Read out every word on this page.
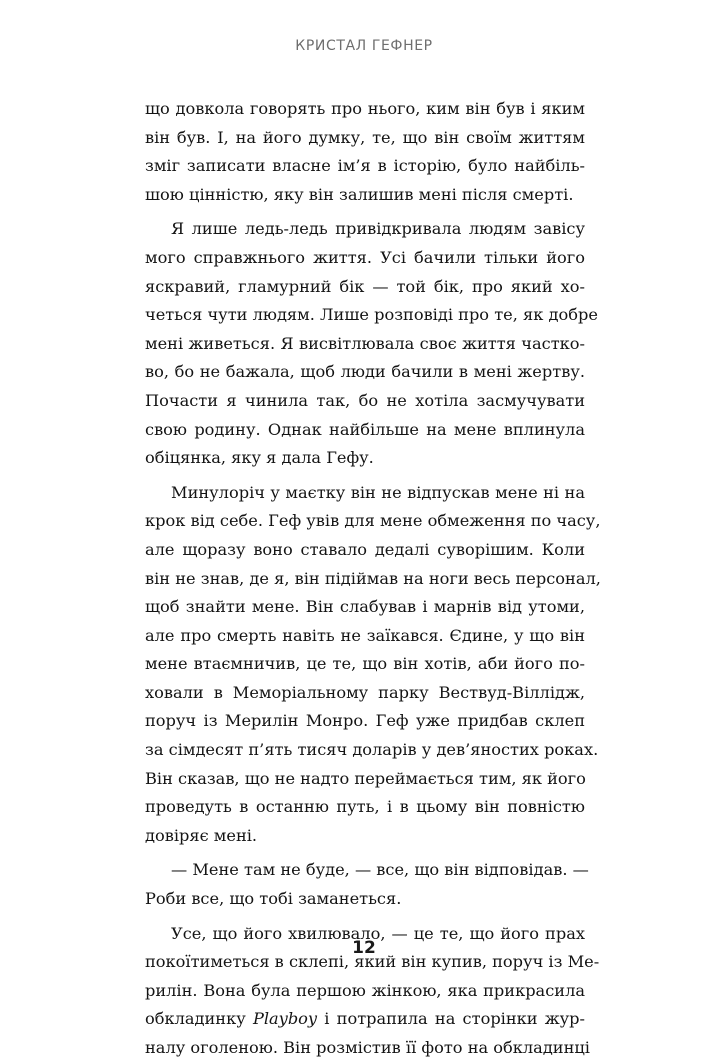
КРИСТАЛ ГЕФНЕР
що довкола говорять про нього, ким він був і яким
він був. І, на його думку, те, що він своїм життям
зміг записати власне ім’я в історію, було найбіль-
шою цінністю, яку він залишив мені після смерті.
Я лише ледь-ледь привідкривала людям завісу
мого справжнього життя. Усі бачили тільки його
яскравий, гламурний бік — той бік, про який хо-
четься чути людям. Лише розповіді про те, як добре
мені живеться. Я висвітлювала своє життя частко-
во, бо не бажала, щоб люди бачили в мені жертву.
Почасти я чинила так, бо не хотіла засмучувати
свою родину. Однак найбільше на мене вплинула
обіцянка, яку я дала Гефу.
Минулоріч у маєтку він не відпускав мене ні на
крок від себе. Геф увів для мене обмеження по часу,
але щоразу воно ставало дедалі суворішим. Коли
він не знав, де я, він підіймав на ноги весь персонал,
щоб знайти мене. Він слабував і марнів від утоми,
але про смерть навіть не заїкався. Єдине, у що він
мене втаємничив, це те, що він хотів, аби його по-
ховали в Меморіальному парку Вествуд-Віллідж,
поруч із Мерилін Монро. Геф уже придбав склеп
за сімдесят п’ять тисяч доларів у дев’яностих роках.
Він сказав, що не надто переймається тим, як його
проведуть в останню путь, і в цьому він повністю
довіряє мені.
— Мене там не буде, — все, що він відповідав. —
Роби все, що тобі заманеться.
Усе, що його хвилювало, — це те, що його прах
покоїтиметься в склепі, який він купив, поруч із Ме-
рилін. Вона була першою жінкою, яка прикрасила
обкладинку Playboy і потрапила на сторінки жур-
налу оголеною. Він розмістив її фото на обкладинці
12
